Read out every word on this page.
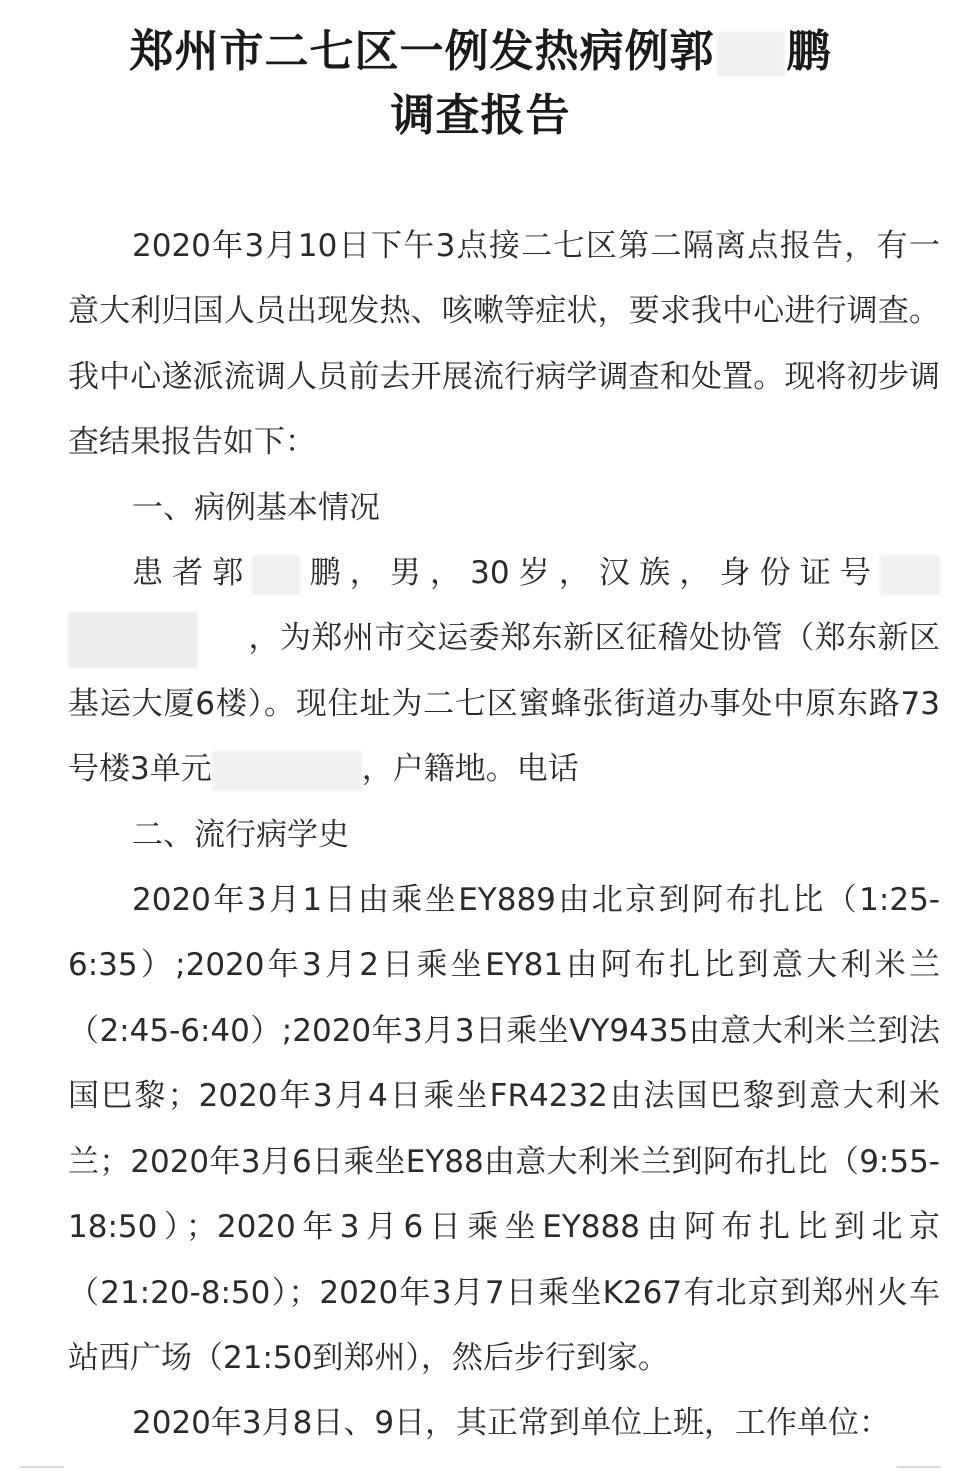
郑州市二七区一例发热病例郭 鹏
调查报告

2020年3月10日下午3点接二七区第二隔离点报告，有一意大利归国人员出现发热、咳嗽等症状，要求我中心进行调查。我中心遂派流调人员前去开展流行病学调查和处置。现将初步调查结果报告如下：

一、病例基本情况

患者郭 鹏，男，30岁，汉族，身份证号，为郑州市交运委郑东新区征稽处协管（郑东新区基运大厦6楼）。现住址为二七区蜜蜂张街道办事处中原东路73号楼3单元	，户籍地。电话

二、流行病学史

2020年3月1日由乘坐EY889由北京到阿布扎比（1:25-6:35）;2020年3月2日乘坐EY81由阿布扎比到意大利米兰（2:45-6:40）;2020年3月3日乘坐VY9435由意大利米兰到法国巴黎；2020年3月4日乘坐FR4232由法国巴黎到意大利米兰；2020年3月6日乘坐EY88由意大利米兰到阿布扎比（9:55-18:50）；2020年3月6日乘坐EY888由阿布扎比到北京（21:20-8:50）；2020年3月7日乘坐K267有北京到郑州火车站西广场（21:50到郑州），然后步行到家。

2020年3月8日、9日，其正常到单位上班，工作单位：
